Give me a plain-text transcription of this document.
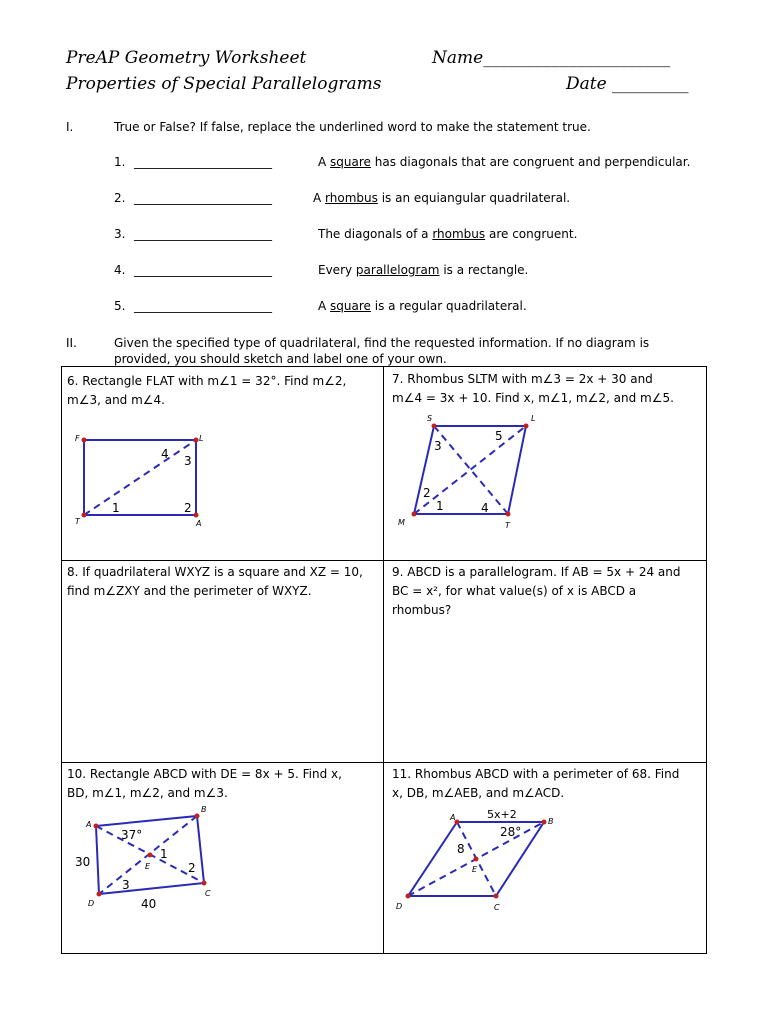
PreAP Geometry Worksheet
Properties of Special Parallelograms
Name______________________
Date _________
I.	True or False? If false, replace the underlined word to make the statement true.
1. _______________________	A square has diagonals that are congruent and perpendicular.
2. _______________________	A rhombus is an equiangular quadrilateral.
3. _______________________	The diagonals of a rhombus are congruent.
4. _______________________	Every parallelogram is a rectangle.
5. _______________________	A square is a regular quadrilateral.
II.	Given the specified type of quadrilateral, find the requested information. If no diagram is
provided, you should sketch and label one of your own.
6. Rectangle FLAT with m∠1 = 32°. Find m∠2,
m∠3, and m∠4.
F	L
T	A
1	2
3
4
7. Rhombus SLTM with m∠3 = 2x + 30 and
m∠4 = 3x + 10. Find x, m∠1, m∠2, and m∠5.
S	L
M	T
1
2
3
4
5
8. If quadrilateral WXYZ is a square and XZ = 10,
find m∠ZXY and the perimeter of WXYZ.
9. ABCD is a parallelogram. If AB = 5x + 24 and
BC = x², for what value(s) of x is ABCD a
rhombus?
10. Rectangle ABCD with DE = 8x + 5. Find x,
BD, m∠1, m∠2, and m∠3.
A
B
C
D
E
37°
30
40
1
2
3
11. Rhombus ABCD with a perimeter of 68. Find
x, DB, m∠AEB, and m∠ACD.
A	B
C
D
E
5x+2
28°
8
